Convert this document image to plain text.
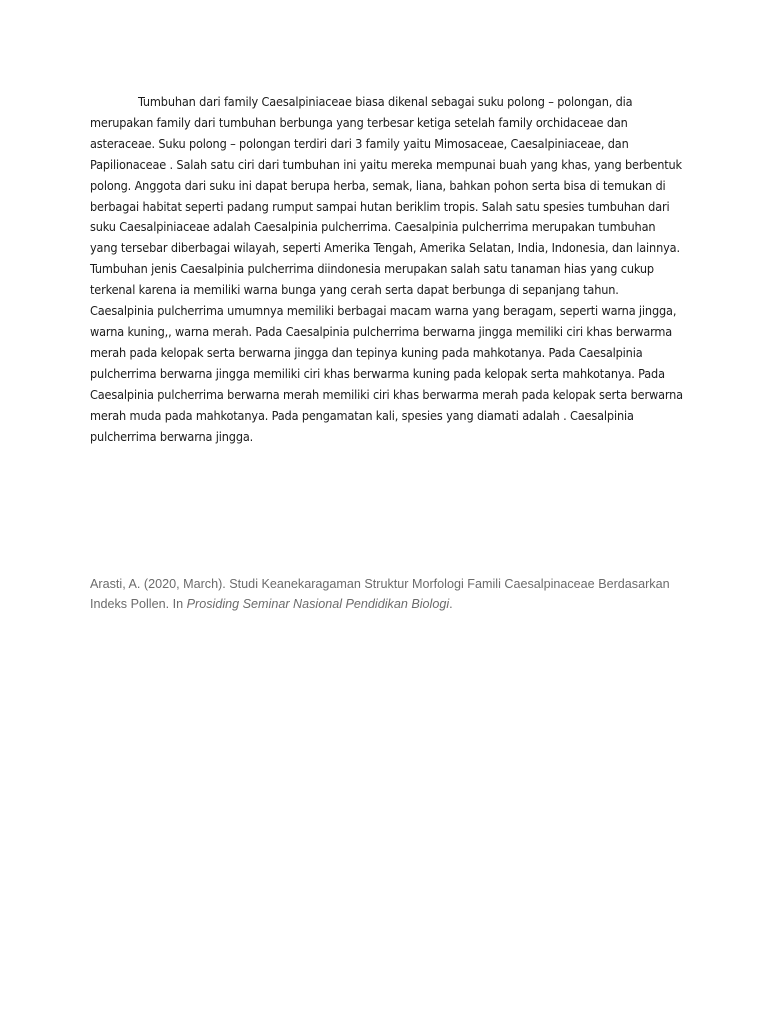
Tumbuhan dari family Caesalpiniaceae biasa dikenal sebagai suku polong – polongan, dia merupakan family dari tumbuhan berbunga yang terbesar ketiga setelah family orchidaceae dan asteraceae. Suku polong – polongan terdiri dari 3 family yaitu Mimosaceae, Caesalpiniaceae, dan Papilionaceae . Salah satu ciri dari tumbuhan ini yaitu mereka mempunai buah yang khas, yang berbentuk polong. Anggota dari suku ini dapat berupa herba, semak, liana, bahkan pohon serta bisa di temukan di berbagai habitat seperti padang rumput sampai hutan beriklim tropis. Salah satu spesies tumbuhan dari suku Caesalpiniaceae adalah Caesalpinia pulcherrima. Caesalpinia pulcherrima merupakan tumbuhan yang tersebar diberbagai wilayah, seperti Amerika Tengah, Amerika Selatan, India, Indonesia, dan lainnya. Tumbuhan jenis Caesalpinia pulcherrima diindonesia merupakan salah satu tanaman hias yang cukup terkenal karena ia memiliki warna bunga yang cerah serta dapat berbunga di sepanjang tahun. Caesalpinia pulcherrima umumnya memiliki berbagai macam warna yang beragam, seperti warna jingga, warna kuning,, warna merah. Pada Caesalpinia pulcherrima berwarna jingga memiliki ciri khas berwarma merah pada kelopak serta berwarna jingga dan tepinya kuning pada mahkotanya. Pada Caesalpinia pulcherrima berwarna jingga memiliki ciri khas berwarma kuning pada kelopak serta mahkotanya. Pada Caesalpinia pulcherrima berwarna merah memiliki ciri khas berwarma merah pada kelopak serta berwarna merah muda pada mahkotanya. Pada pengamatan kali, spesies yang diamati adalah . Caesalpinia pulcherrima berwarna jingga.

Arasti, A. (2020, March). Studi Keanekaragaman Struktur Morfologi Famili Caesalpinaceae Berdasarkan Indeks Pollen. In Prosiding Seminar Nasional Pendidikan Biologi.
